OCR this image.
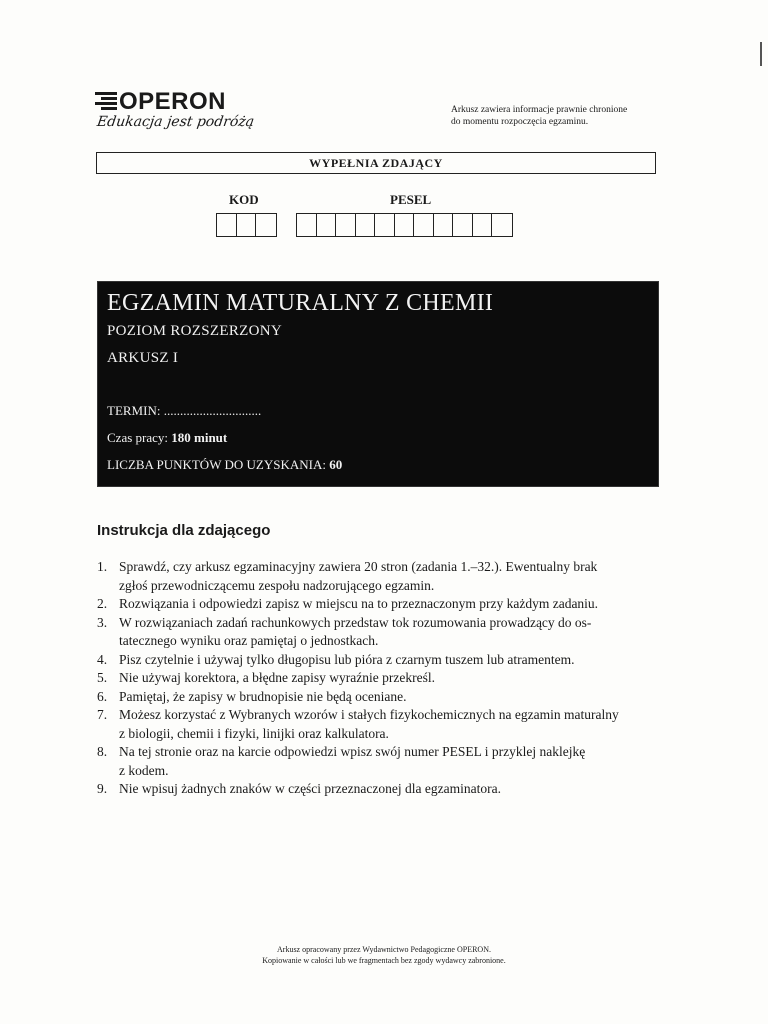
OPERON
Edukacja jest podróżą
Arkusz zawiera informacje prawnie chronione
do momentu rozpoczęcia egzaminu.
WYPEŁNIA ZDAJĄCY
KOD	PESEL
EGZAMIN MATURALNY Z CHEMII
POZIOM ROZSZERZONY
ARKUSZ I
TERMIN: ..............................
Czas pracy: 180 minut
LICZBA PUNKTÓW DO UZYSKANIA: 60
Instrukcja dla zdającego
1. Sprawdź, czy arkusz egzaminacyjny zawiera 20 stron (zadania 1.–32.). Ewentualny brak
zgłoś przewodniczącemu zespołu nadzorującego egzamin.
2. Rozwiązania i odpowiedzi zapisz w miejscu na to przeznaczonym przy każdym zadaniu.
3. W rozwiązaniach zadań rachunkowych przedstaw tok rozumowania prowadzący do os-
tatecznego wyniku oraz pamiętaj o jednostkach.
4. Pisz czytelnie i używaj tylko długopisu lub pióra z czarnym tuszem lub atramentem.
5. Nie używaj korektora, a błędne zapisy wyraźnie przekreśl.
6. Pamiętaj, że zapisy w brudnopisie nie będą oceniane.
7. Możesz korzystać z Wybranych wzorów i stałych fizykochemicznych na egzamin maturalny
z biologii, chemii i fizyki, linijki oraz kalkulatora.
8. Na tej stronie oraz na karcie odpowiedzi wpisz swój numer PESEL i przyklej naklejkę
z kodem.
9. Nie wpisuj żadnych znaków w części przeznaczonej dla egzaminatora.
Arkusz opracowany przez Wydawnictwo Pedagogiczne OPERON.
Kopiowanie w całości lub we fragmentach bez zgody wydawcy zabronione.
